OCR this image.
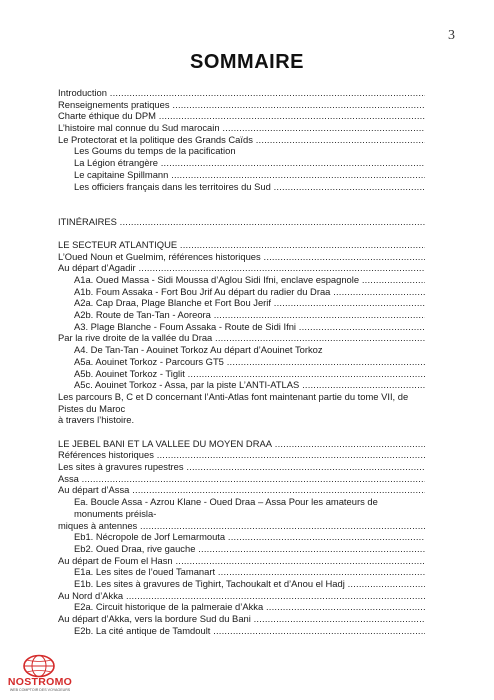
3
SOMMAIRE
Introduction .....
Renseignements pratiques .....
Charte éthique du DPM .....
L’histoire mal connue du Sud marocain .....
Le Protectorat et la politique des Grands Caïds .....
Les Goums du temps de la pacification
La Légion étrangère .....
Le capitaine Spillmann .....
Les officiers français dans les territoires du Sud .....
ITINÉRAIRES .....
LE SECTEUR ATLANTIQUE .....
L’Oued Noun et Guelmim, références historiques .....
Au départ d’Agadir .....
A1a. Oued Massa - Sidi Moussa d’Aglou Sidi Ifni, enclave espagnole .....
A1b. Foum Assaka - Fort Bou Jrif Au départ du radier du Draa .....
A2a. Cap Draa, Plage Blanche et Fort Bou Jerif .....
A2b. Route de Tan-Tan - Aoreora .....
A3. Plage Blanche - Foum Assaka - Route de Sidi Ifni .....
Par la rive droite de la vallée du Draa .....
A4. De Tan-Tan - Aouinet Torkoz Au départ d’Aouinet Torkoz
A5a. Aouinet Torkoz - Parcours GT5 .....
A5b. Aouinet Torkoz - Tiglit .....
A5c. Aouinet Torkoz - Assa, par la piste L’ANTI-ATLAS .....
Les parcours B, C et D concernant l’Anti-Atlas font maintenant partie du tome VII, de Pistes du Maroc
à travers l’histoire.
LE JEBEL BANI ET LA VALLEE DU MOYEN DRAA .....
Références historiques .....
Les sites à gravures rupestres .....
Assa .....
Au départ d’Assa .....
Ea. Boucle Assa - Azrou Klane - Oued Draa – Assa Pour les amateurs de monuments préisla-
miques à antennes .....
Eb1. Nécropole de Jorf Lemarmouta .....
Eb2. Oued Draa, rive gauche .....
Au départ de Foum el Hasn .....
E1a. Les sites de l’oued Tamanart .....
E1b. Les sites à gravures de Tighirt, Tachoukalt et d’Anou el Hadj .....
Au Nord d’Akka .....
E2a. Circuit historique de la palmeraie d’Akka .....
Au départ d’Akka, vers la bordure Sud du Bani .....
E2b. La cité antique de Tamdoult .....
NOSTROMO
WEB COMPTOIR DES VOYAGEURS
